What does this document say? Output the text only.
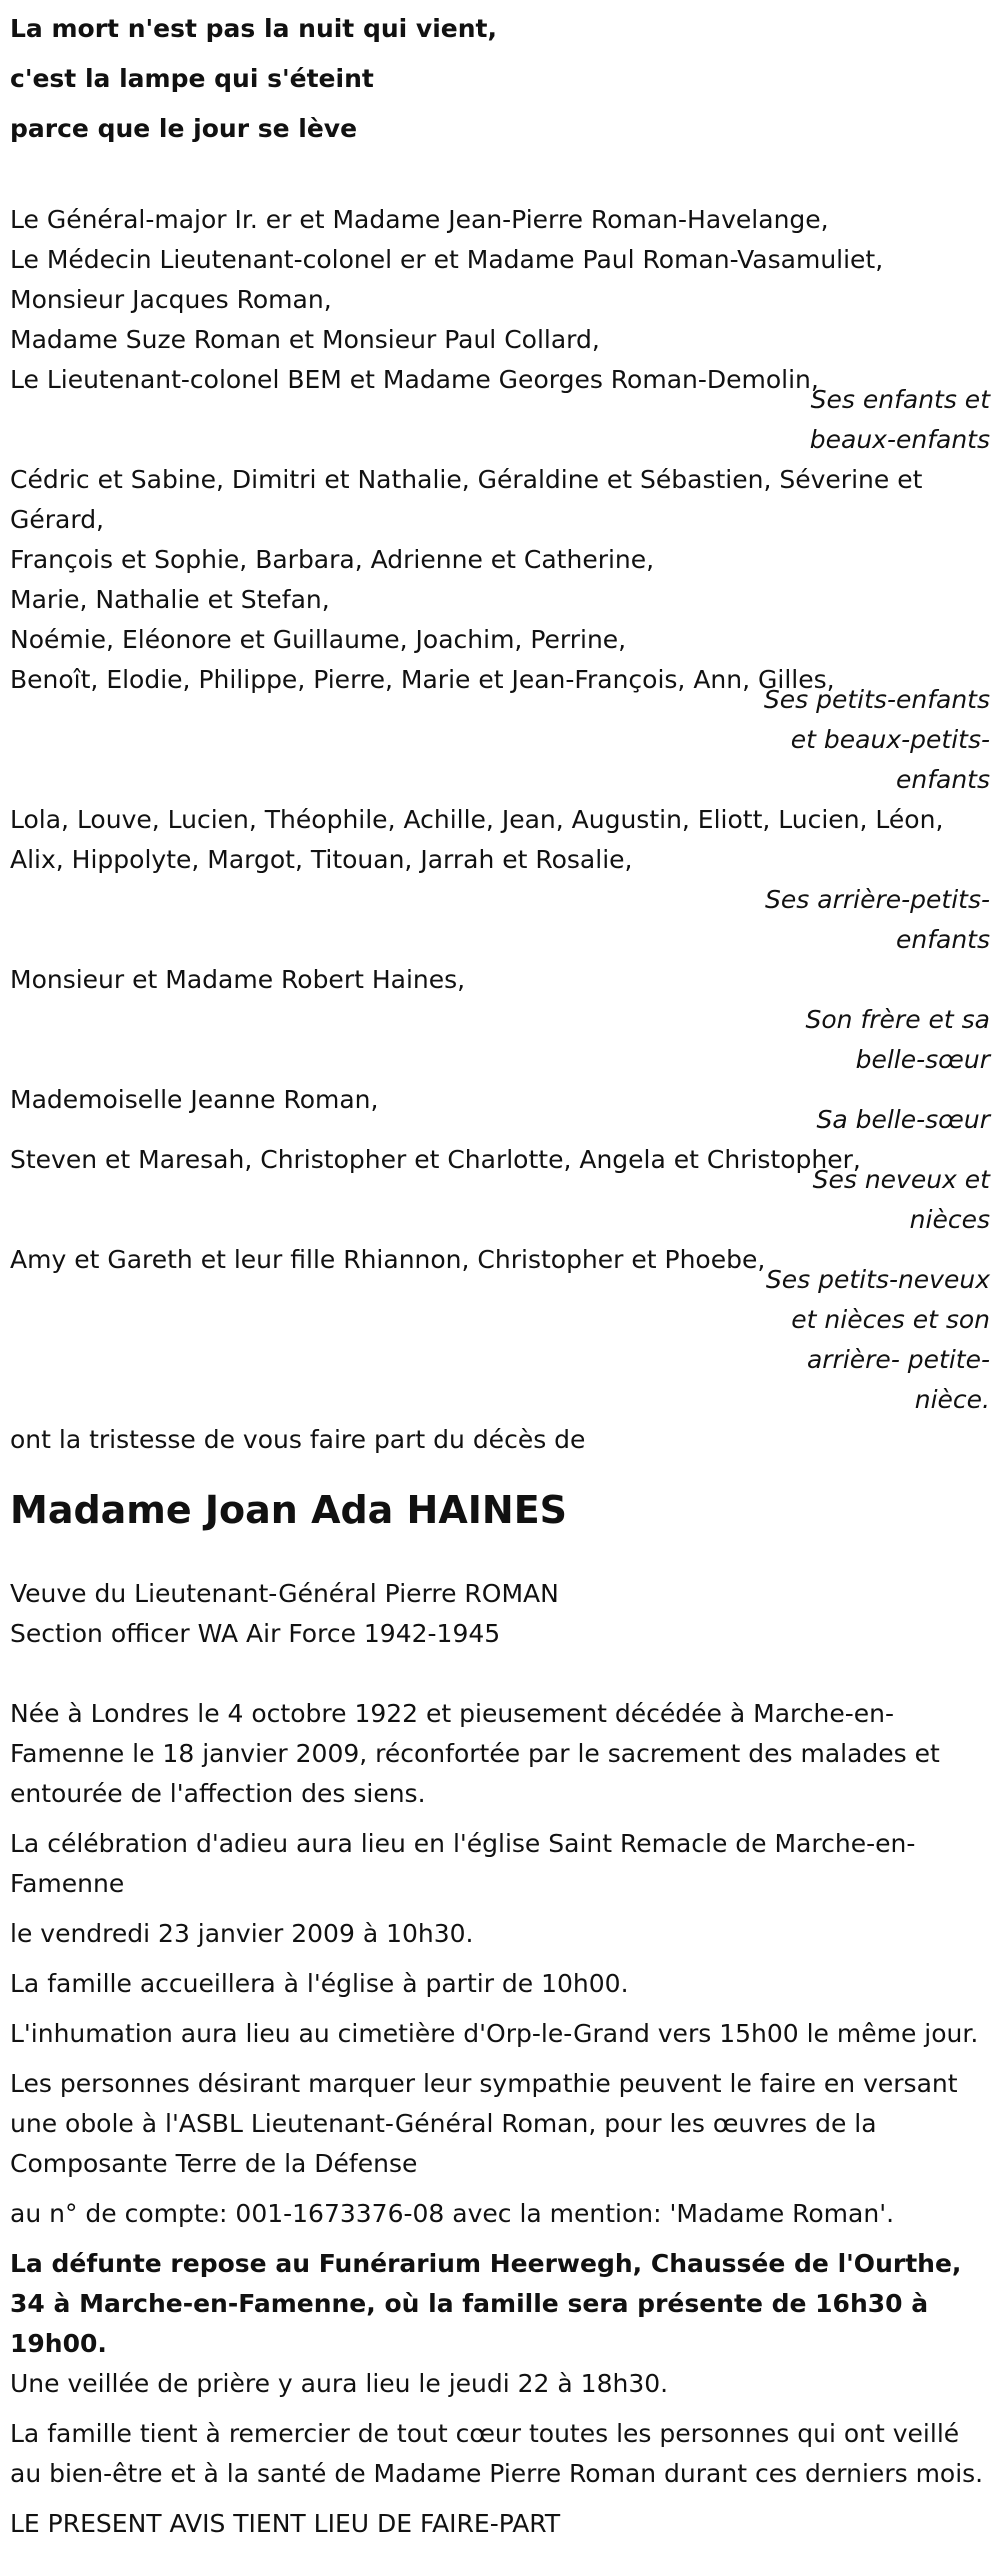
La mort n'est pas la nuit qui vient,

c'est la lampe qui s'éteint

parce que le jour se lève

Le Général-major Ir. er et Madame Jean-Pierre Roman-Havelange,

Le Médecin Lieutenant-colonel er et Madame Paul Roman-Vasamuliet,

Monsieur Jacques Roman,

Madame Suze Roman et Monsieur Paul Collard,

Le Lieutenant-colonel BEM et Madame Georges Roman-Demolin,

Ses enfants et beaux-enfants

Cédric et Sabine, Dimitri et Nathalie, Géraldine et Sébastien, Séverine et

Gérard,

François et Sophie, Barbara, Adrienne et Catherine,

Marie, Nathalie et Stefan,

Noémie, Eléonore et Guillaume, Joachim, Perrine,

Benoît, Elodie, Philippe, Pierre, Marie et Jean-François, Ann, Gilles,

Ses petits-enfants et beaux-petits-enfants

Lola, Louve, Lucien, Théophile, Achille, Jean, Augustin, Eliott, Lucien, Léon,

Alix, Hippolyte, Margot, Titouan, Jarrah et Rosalie,

Ses arrière-petits-enfants

Monsieur et Madame Robert Haines,

Son frère et sa belle-sœur

Mademoiselle Jeanne Roman,

Sa belle-sœur

Steven et Maresah, Christopher et Charlotte, Angela et Christopher,

Ses neveux et nièces

Amy et Gareth et leur fille Rhiannon, Christopher et Phoebe,

Ses petits-neveux et nièces et son arrière- petite-nièce.

ont la tristesse de vous faire part du décès de

Madame Joan Ada HAINES

Veuve du Lieutenant-Général Pierre ROMAN

Section officer WA Air Force 1942-1945

Née à Londres le 4 octobre 1922 et pieusement décédée à Marche-en-Famenne le 18 janvier 2009, réconfortée par le sacrement des malades et entourée de l'affection des siens.

La célébration d'adieu aura lieu en l'église Saint Remacle de Marche-en-Famenne

le vendredi 23 janvier 2009 à 10h30.

La famille accueillera à l'église à partir de 10h00.

L'inhumation aura lieu au cimetière d'Orp-le-Grand vers 15h00 le même jour.

Les personnes désirant marquer leur sympathie peuvent le faire en versant une obole à l'ASBL Lieutenant-Général Roman, pour les œuvres de la Composante Terre de la Défense

au n° de compte: 001-1673376-08 avec la mention: 'Madame Roman'.

La défunte repose au Funérarium Heerwegh, Chaussée de l'Ourthe, 34 à Marche-en-Famenne, où la famille sera présente de 16h30 à 19h00.

Une veillée de prière y aura lieu le jeudi 22 à 18h30.

La famille tient à remercier de tout cœur toutes les personnes qui ont veillé au bien-être et à la santé de Madame Pierre Roman durant ces derniers mois.

LE PRESENT AVIS TIENT LIEU DE FAIRE-PART
